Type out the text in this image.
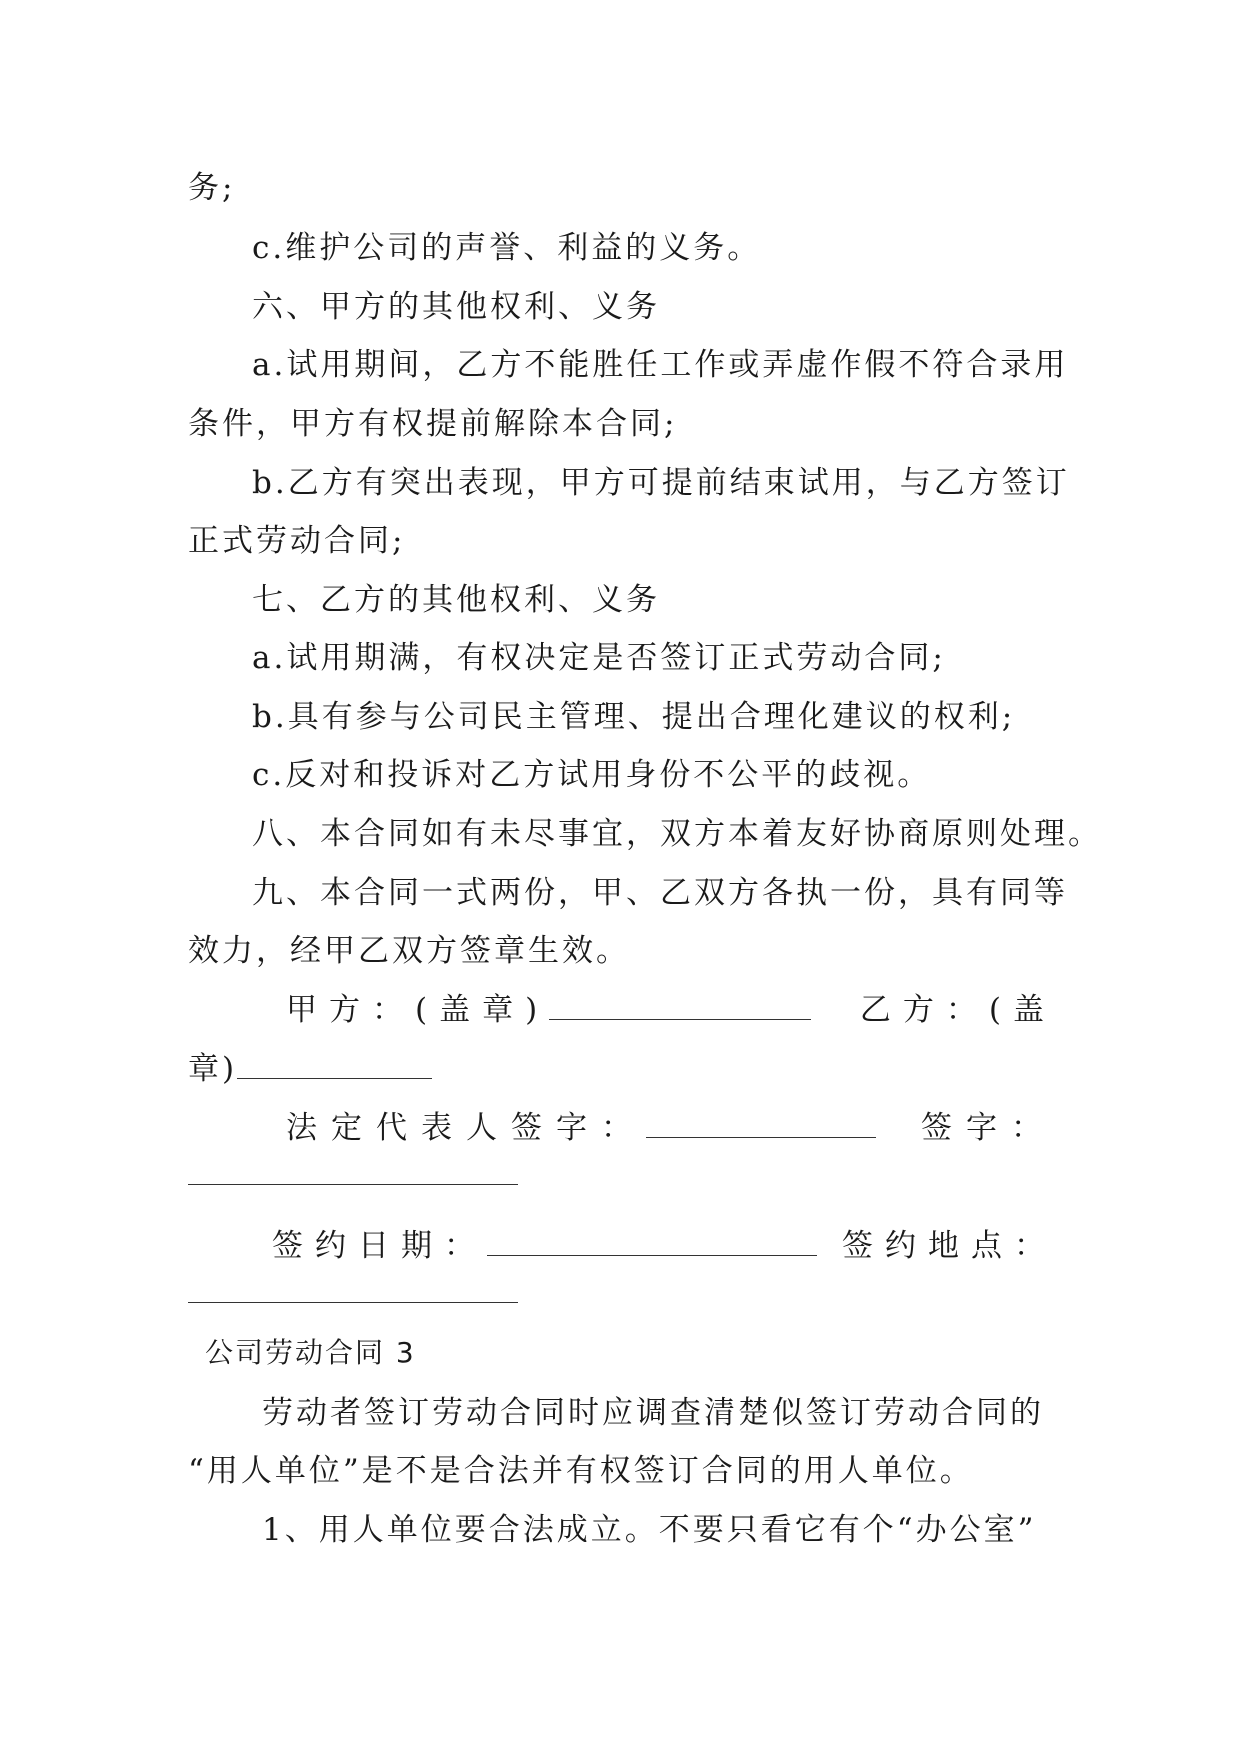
务;
c.维护公司的声誉、利益的义务。
六、甲方的其他权利、义务
a.试用期间，乙方不能胜任工作或弄虚作假不符合录用
条件，甲方有权提前解除本合同;
b.乙方有突出表现，甲方可提前结束试用，与乙方签订
正式劳动合同;
七、乙方的其他权利、义务
a.试用期满，有权决定是否签订正式劳动合同;
b.具有参与公司民主管理、提出合理化建议的权利;
c.反对和投诉对乙方试用身份不公平的歧视。
八、本合同如有未尽事宜，双方本着友好协商原则处理。
九、本合同一式两份，甲、乙双方各执一份，具有同等
效力，经甲乙双方签章生效。
甲方：(盖章)	乙方：(盖
章)
法定代表人签字：	签字：
签约日期：	签约地点：
公司劳动合同 3
劳动者签订劳动合同时应调查清楚似签订劳动合同的
“用人单位”是不是合法并有权签订合同的用人单位。
1、用人单位要合法成立。不要只看它有个“办公室”
